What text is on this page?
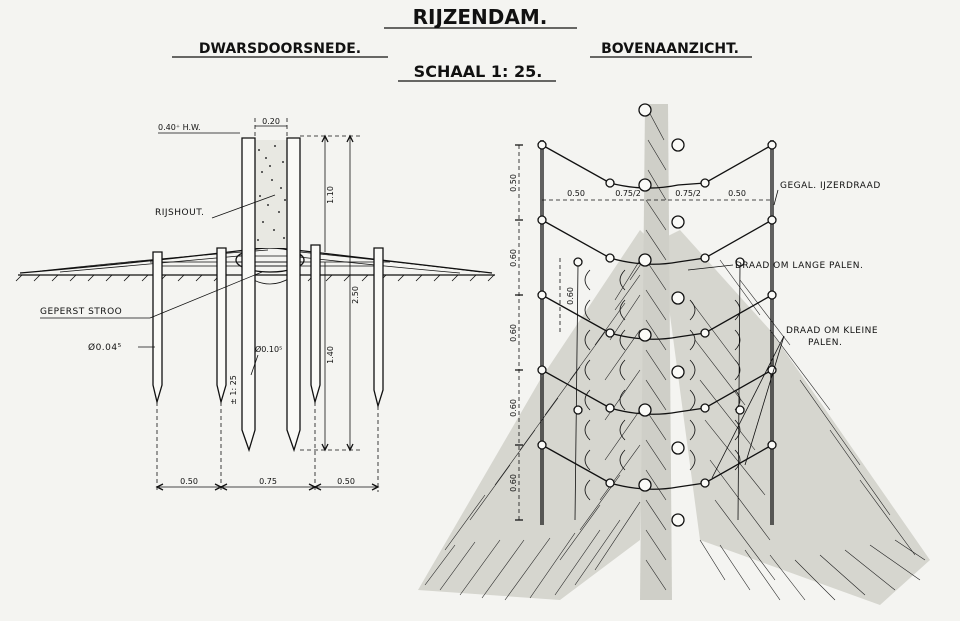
RIJZENDAM.
DWARSDOORSNEDE.	BOVENAANZICHT.
SCHAAL 1: 25.
0.20
0.40⁺ H.W.
1.10
2.50
1.40
RIJSHOUT.
GEPERST STROO
Ø0.04⁵	Ø0.10⁵
± 1: 25
0.50	0.75	0.50
0.50
0.60
0.60
0.60
0.60
0.60
0.50	0.75/2	0.75/2	0.50
GEGAL. IJZERDRAAD
DRAAD OM LANGE PALEN.
DRAAD OM KLEINE
PALEN.
